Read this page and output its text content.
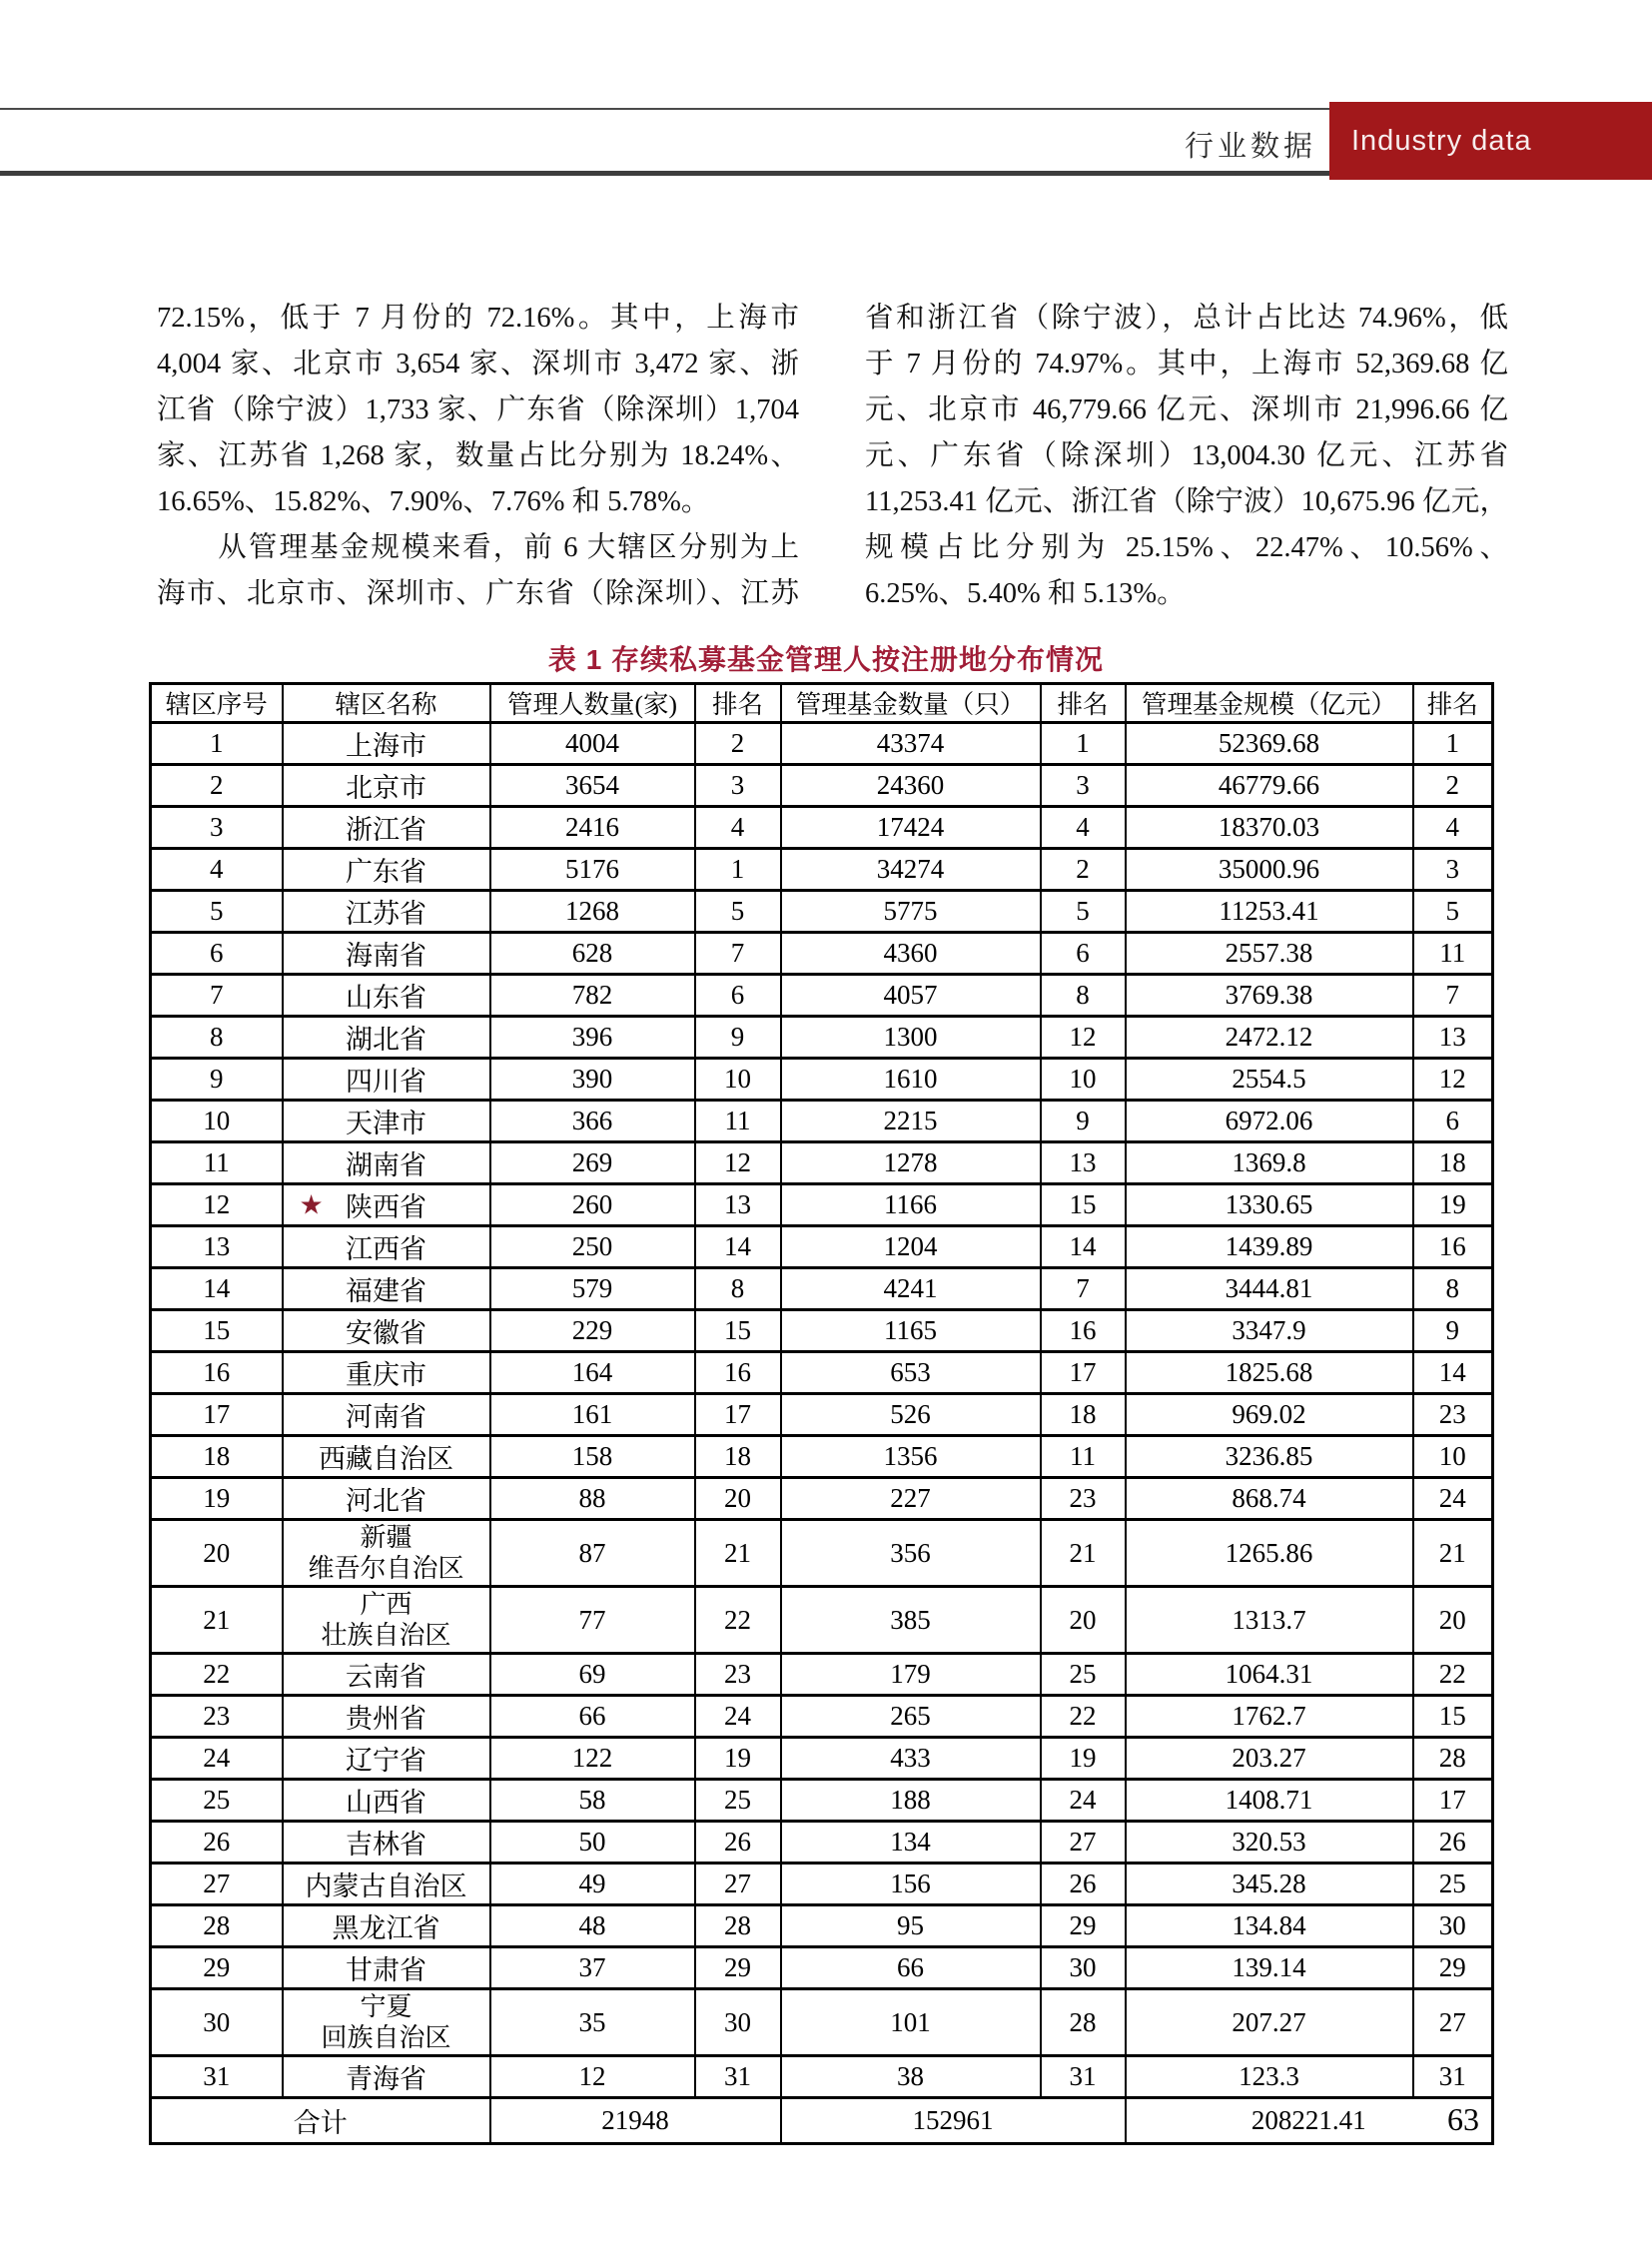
行业数据 Industry data
72.15%，低于 7 月份的 72.16%。其中，上海市
4,004 家、北京市 3,654 家、深圳市 3,472 家、浙
江省（除宁波）1,733 家、广东省（除深圳）1,704
家、江苏省 1,268 家，数量占比分别为 18.24%、
16.65%、15.82%、7.90%、7.76% 和 5.78%。
　　从管理基金规模来看，前 6 大辖区分别为上
海市、北京市、深圳市、广东省（除深圳）、江苏
省和浙江省（除宁波），总计占比达 74.96%，低
于 7 月份的 74.97%。其中，上海市 52,369.68 亿
元、北京市 46,779.66 亿元、深圳市 21,996.66 亿
元、广东省（除深圳）13,004.30 亿元、江苏省
11,253.41 亿元、浙江省（除宁波）10,675.96 亿元，
规模占比分别为 25.15%、22.47%、10.56%、
6.25%、5.40% 和 5.13%。
表 1 存续私募基金管理人按注册地分布情况
辖区序号	辖区名称	管理人数量(家)	排名	管理基金数量（只）	排名	管理基金规模（亿元）	排名
1	上海市	4004	2	43374	1	52369.68	1
2	北京市	3654	3	24360	3	46779.66	2
3	浙江省	2416	4	17424	4	18370.03	4
4	广东省	5176	1	34274	2	35000.96	3
5	江苏省	1268	5	5775	5	11253.41	5
6	海南省	628	7	4360	6	2557.38	11
7	山东省	782	6	4057	8	3769.38	7
8	湖北省	396	9	1300	12	2472.12	13
9	四川省	390	10	1610	10	2554.5	12
10	天津市	366	11	2215	9	6972.06	6
11	湖南省	269	12	1278	13	1369.8	18
12	★ 陕西省	260	13	1166	15	1330.65	19
13	江西省	250	14	1204	14	1439.89	16
14	福建省	579	8	4241	7	3444.81	8
15	安徽省	229	15	1165	16	3347.9	9
16	重庆市	164	16	653	17	1825.68	14
17	河南省	161	17	526	18	969.02	23
18	西藏自治区	158	18	1356	11	3236.85	10
19	河北省	88	20	227	23	868.74	24
20	新疆
维吾尔自治区	87	21	356	21	1265.86	21
21	广西
壮族自治区	77	22	385	20	1313.7	20
22	云南省	69	23	179	25	1064.31	22
23	贵州省	66	24	265	22	1762.7	15
24	辽宁省	122	19	433	19	203.27	28
25	山西省	58	25	188	24	1408.71	17
26	吉林省	50	26	134	27	320.53	26
27	内蒙古自治区	49	27	156	26	345.28	25
28	黑龙江省	48	28	95	29	134.84	30
29	甘肃省	37	29	66	30	139.14	29
30	宁夏
回族自治区	35	30	101	28	207.27	27
31	青海省	12	31	38	31	123.3	31
合计		21948		152961		208221.41		63
